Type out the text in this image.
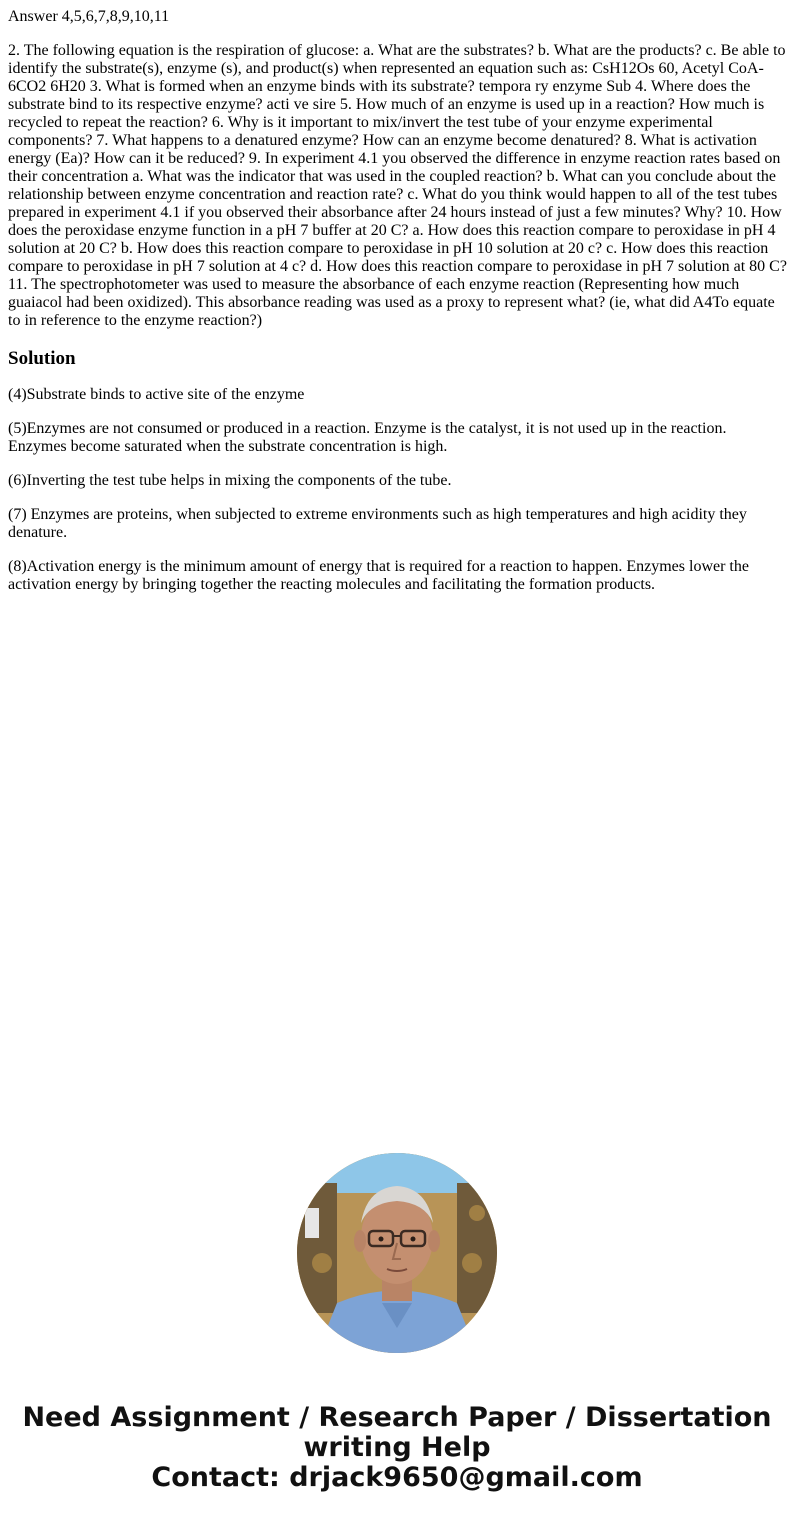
Answer 4,5,6,7,8,9,10,11

2. The following equation is the respiration of glucose: a. What are the substrates? b. What are the products? c. Be able to identify the substrate(s), enzyme (s), and product(s) when represented an equation such as: CsH12Os 60, Acetyl CoA- 6CO2 6H20 3. What is formed when an enzyme binds with its substrate? tempora ry enzyme Sub 4. Where does the substrate bind to its respective enzyme? acti ve sire 5. How much of an enzyme is used up in a reaction? How much is recycled to repeat the reaction? 6. Why is it important to mix/invert the test tube of your enzyme experimental components? 7. What happens to a denatured enzyme? How can an enzyme become denatured? 8. What is activation energy (Ea)? How can it be reduced? 9. In experiment 4.1 you observed the difference in enzyme reaction rates based on their concentration a. What was the indicator that was used in the coupled reaction? b. What can you conclude about the relationship between enzyme concentration and reaction rate? c. What do you think would happen to all of the test tubes prepared in experiment 4.1 if you observed their absorbance after 24 hours instead of just a few minutes? Why? 10. How does the peroxidase enzyme function in a pH 7 buffer at 20 C? a. How does this reaction compare to peroxidase in pH 4 solution at 20 C? b. How does this reaction compare to peroxidase in pH 10 solution at 20 c? c. How does this reaction compare to peroxidase in pH 7 solution at 4 c? d. How does this reaction compare to peroxidase in pH 7 solution at 80 C? 11. The spectrophotometer was used to measure the absorbance of each enzyme reaction (Representing how much guaiacol had been oxidized). This absorbance reading was used as a proxy to represent what? (ie, what did A4To equate to in reference to the enzyme reaction?)

Solution

(4)Substrate binds to active site of the enzyme

(5)Enzymes are not consumed or produced in a reaction. Enzyme is the catalyst, it is not used up in the reaction. Enzymes become saturated when the substrate concentration is high.

(6)Inverting the test tube helps in mixing the components of the tube.

(7) Enzymes are proteins, when subjected to extreme environments such as high temperatures and high acidity they denature.

(8)Activation energy is the minimum amount of energy that is required for a reaction to happen. Enzymes lower the activation energy by bringing together the reacting molecules and facilitating the formation products.

Need Assignment / Research Paper / Dissertation
writing Help
Contact: drjack9650@gmail.com
